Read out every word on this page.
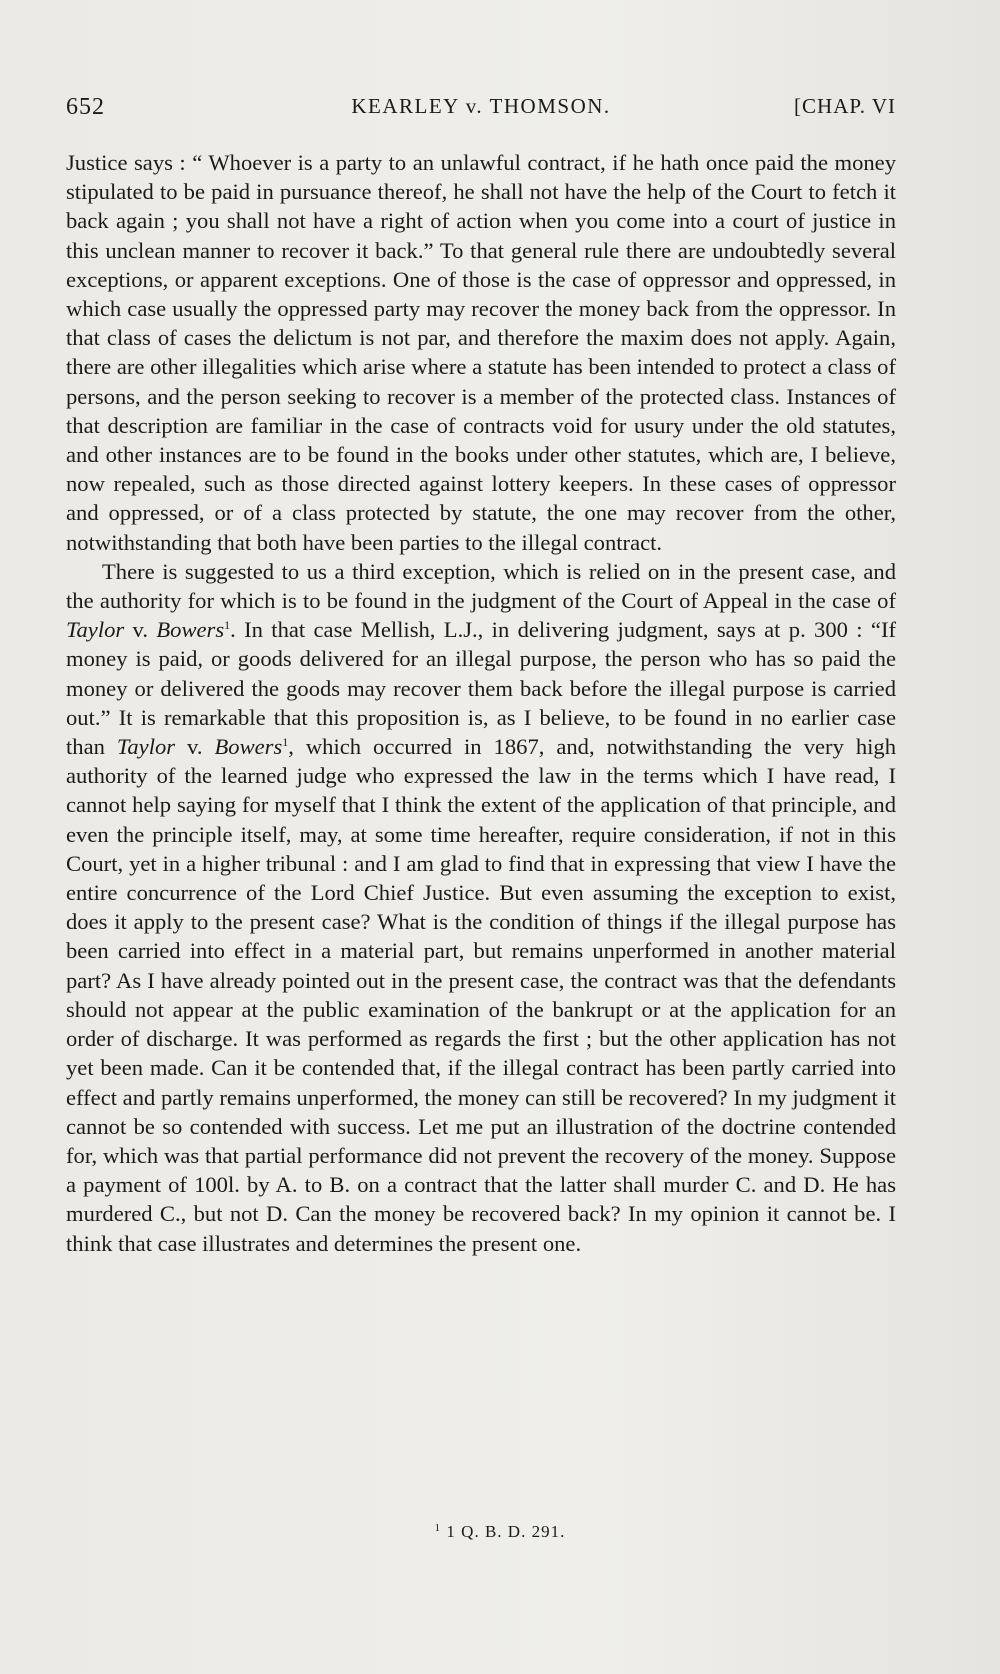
652	KEARLEY v. THOMSON.	[CHAP. VI

Justice says : “ Whoever is a party to an unlawful contract, if he hath once paid the money stipulated to be paid in pursuance thereof, he shall not have the help of the Court to fetch it back again ; you shall not have a right of action when you come into a court of justice in this unclean manner to recover it back.” To that general rule there are undoubtedly several exceptions, or apparent exceptions. One of those is the case of oppressor and oppressed, in which case usually the oppressed party may recover the money back from the oppressor. In that class of cases the delictum is not par, and therefore the maxim does not apply. Again, there are other illegalities which arise where a statute has been intended to protect a class of persons, and the person seeking to recover is a member of the protected class. Instances of that description are familiar in the case of contracts void for usury under the old statutes, and other instances are to be found in the books under other statutes, which are, I believe, now repealed, such as those directed against lottery keepers. In these cases of oppressor and oppressed, or of a class protected by statute, the one may recover from the other, notwithstanding that both have been parties to the illegal contract.

There is suggested to us a third exception, which is relied on in the present case, and the authority for which is to be found in the judgment of the Court of Appeal in the case of Taylor v. Bowers$^1$. In that case Mellish, L.J., in delivering judgment, says at p. 300 : “If money is paid, or goods delivered for an illegal purpose, the person who has so paid the money or delivered the goods may recover them back before the illegal purpose is carried out.” It is remarkable that this proposition is, as I believe, to be found in no earlier case than Taylor v. Bowers$^1$, which occurred in 1867, and, notwithstanding the very high authority of the learned judge who expressed the law in the terms which I have read, I cannot help saying for myself that I think the extent of the application of that principle, and even the principle itself, may, at some time hereafter, require consideration, if not in this Court, yet in a higher tribunal : and I am glad to find that in expressing that view I have the entire concurrence of the Lord Chief Justice. But even assuming the exception to exist, does it apply to the present case? What is the condition of things if the illegal purpose has been carried into effect in a material part, but remains unperformed in another material part? As I have already pointed out in the present case, the contract was that the defendants should not appear at the public examination of the bankrupt or at the application for an order of discharge. It was performed as regards the first ; but the other application has not yet been made. Can it be contended that, if the illegal contract has been partly carried into effect and partly remains unperformed, the money can still be recovered? In my judgment it cannot be so contended with success. Let me put an illustration of the doctrine contended for, which was that partial performance did not prevent the recovery of the money. Suppose a payment of 100l. by A. to B. on a contract that the latter shall murder C. and D. He has murdered C., but not D. Can the money be recovered back? In my opinion it cannot be. I think that case illustrates and determines the present one.

$^1$ 1 Q. B. D. 291.
